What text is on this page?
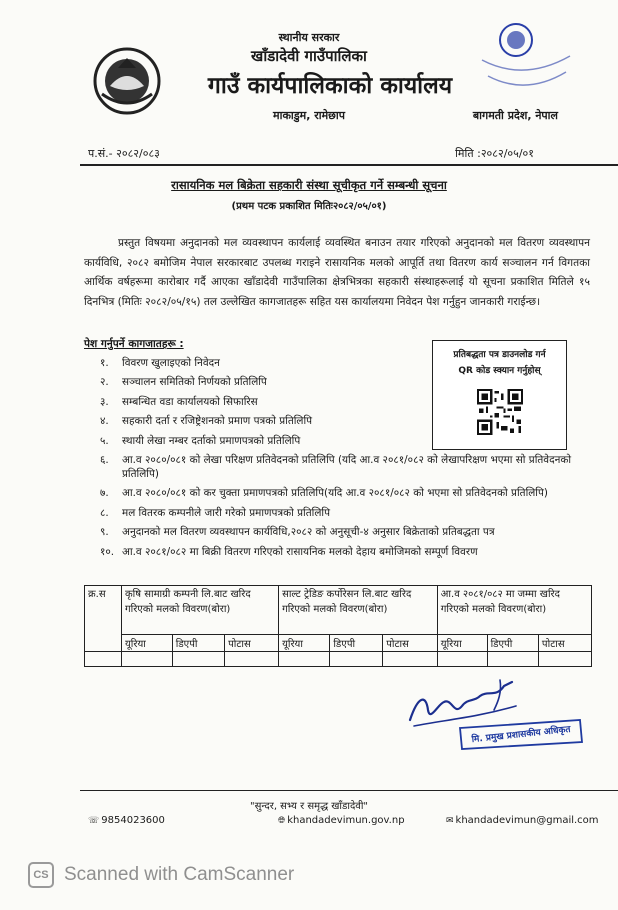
स्थानीय सरकार
खाँडादेवी गाउँपालिका
गाउँ कार्यपालिकाको कार्यालय
माकाडुम, रामेछाप	बागमती प्रदेश, नेपाल
प.सं.- २०८२/०८३	मिति :२०८२/०५/०१
रासायनिक मल बिक्रेता सहकारी संस्था सूचीकृत गर्ने सम्बन्धी सूचना
(प्रथम पटक प्रकाशित मितिः२०८२/०५/०१)
प्रस्तुत विषयमा अनुदानको मल व्यवस्थापन कार्यलाई व्यवस्थित बनाउन तयार गरिएको अनुदानको मल वितरण व्यवस्थापन कार्यविधि, २०८२ बमोजिम नेपाल सरकारबाट उपलब्ध गराइने रासायनिक मलको आपूर्ति तथा वितरण कार्य सञ्चालन गर्न विगतका आर्थिक वर्षहरूमा कारोबार गर्दै आएका खाँडादेवी गाउँपालिका क्षेत्रभित्रका सहकारी संस्थाहरूलाई यो सूचना प्रकाशित मितिले १५ दिनभित्र (मितिः २०८२/०५/१५) तल उल्लेखित कागजातहरू सहित यस कार्यालयमा निवेदन पेश गर्नुहुन जानकारी गराईन्छ।
पेश गर्नुपर्ने कागजातहरू :
१.	विवरण खुलाइएको निवेदन
२.	सञ्चालन समितिको निर्णयको प्रतिलिपि
३.	सम्बन्धित वडा कार्यालयको सिफारिस
४.	सहकारी दर्ता र रजिष्ट्रेशनको प्रमाण पत्रको प्रतिलिपि
५.	स्थायी लेखा नम्बर दर्ताको प्रमाणपत्रको प्रतिलिपि
६.	आ.व २०८०/०८१ को लेखा परिक्षण प्रतिवेदनको प्रतिलिपि (यदि आ.व २०८१/०८२ को लेखापरिक्षण भएमा सो प्रतिवेदनको प्रतिलिपि)
७.	आ.व २०८०/०८१ को कर चुक्ता प्रमाणपत्रको प्रतिलिपि(यदि आ.व २०८१/०८२ को भएमा सो प्रतिवेदनको प्रतिलिपि)
८.	मल वितरक कम्पनीले जारी गरेको प्रमाणपत्रको प्रतिलिपि
९.	अनुदानको मल वितरण व्यवस्थापन कार्यविधि,२०८२ को अनुसूची-४ अनुसार बिक्रेताको प्रतिबद्धता पत्र
१०. आ.व २०८१/०८२ मा बिक्री वितरण गरिएको रासायनिक मलको देहाय बमोजिमको सम्पूर्ण विवरण
प्रतिबद्धता पत्र डाउनलोड गर्न
QR कोड स्क्यान गर्नुहोस्
क्र.स	कृषि सामाग्री कम्पनी लि.बाट खरिद गरिएको मलको विवरण(बोरा)			साल्ट ट्रेडिङ कर्पोरेसन लि.बाट खरिद गरिएको मलको विवरण(बोरा)			आ.व २०८१/०८२ मा जम्मा खरिद गरिएको मलको विवरण(बोरा)		
	यूरिया	डिएपी	पोटास	यूरिया	डिएपी	पोटास	यूरिया	डिएपी	पोटास

मि. प्रमुख प्रशासकीय अधिकृत
"सुन्दर, सभ्य र समृद्ध खाँडादेवी"
☏ 9854023600	🌐︎ khandadevimun.gov.np	✉ khandadevimun@gmail.com
CS Scanned with CamScanner
